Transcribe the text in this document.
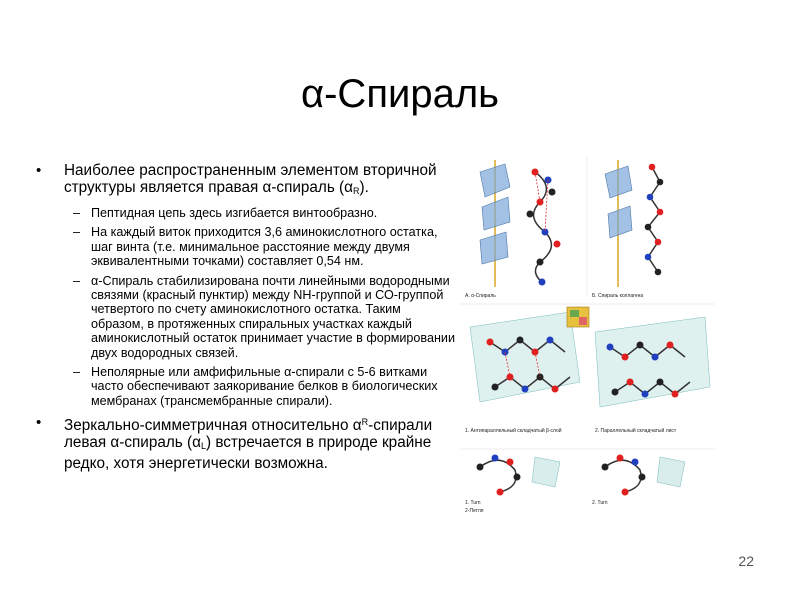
α-Спираль
• Наиболее распространенным элементом вторичной структуры является правая α-спираль $(\alpha_R)$.
– Пептидная цепь здесь изгибается винтообразно.
– На каждый виток приходится 3,6 аминокислотного остатка, шаг винта (т.е. минимальное расстояние между двумя эквивалентными точками) составляет 0,54 нм.
– α-Спираль стабилизирована почти линейными водородными связями (красный пунктир) между NH-группой и СО-группой четвертого по счету аминокислотного остатка. Таким образом, в протяженных спиральных участках каждый аминокислотный остаток принимает участие в формировании двух водородных связей.
– Неполярные или амфифильные α-спирали с 5-6 витками часто обеспечивают заякоривание белков в биологических мембранах (трансмембранные спирали).
• Зеркально-симметричная относительно $\alpha^R$-спирали левая α-спираль $(\alpha_L)$ встречается в природе крайне редко, хотя энергетически возможна.
A. α-Спираль	Б. Спираль коллагена
1. Антипараллельный складчатый β-слой	2. Параллельный складчатый лист
1. Turn
2-Петля
2. Turn
22
